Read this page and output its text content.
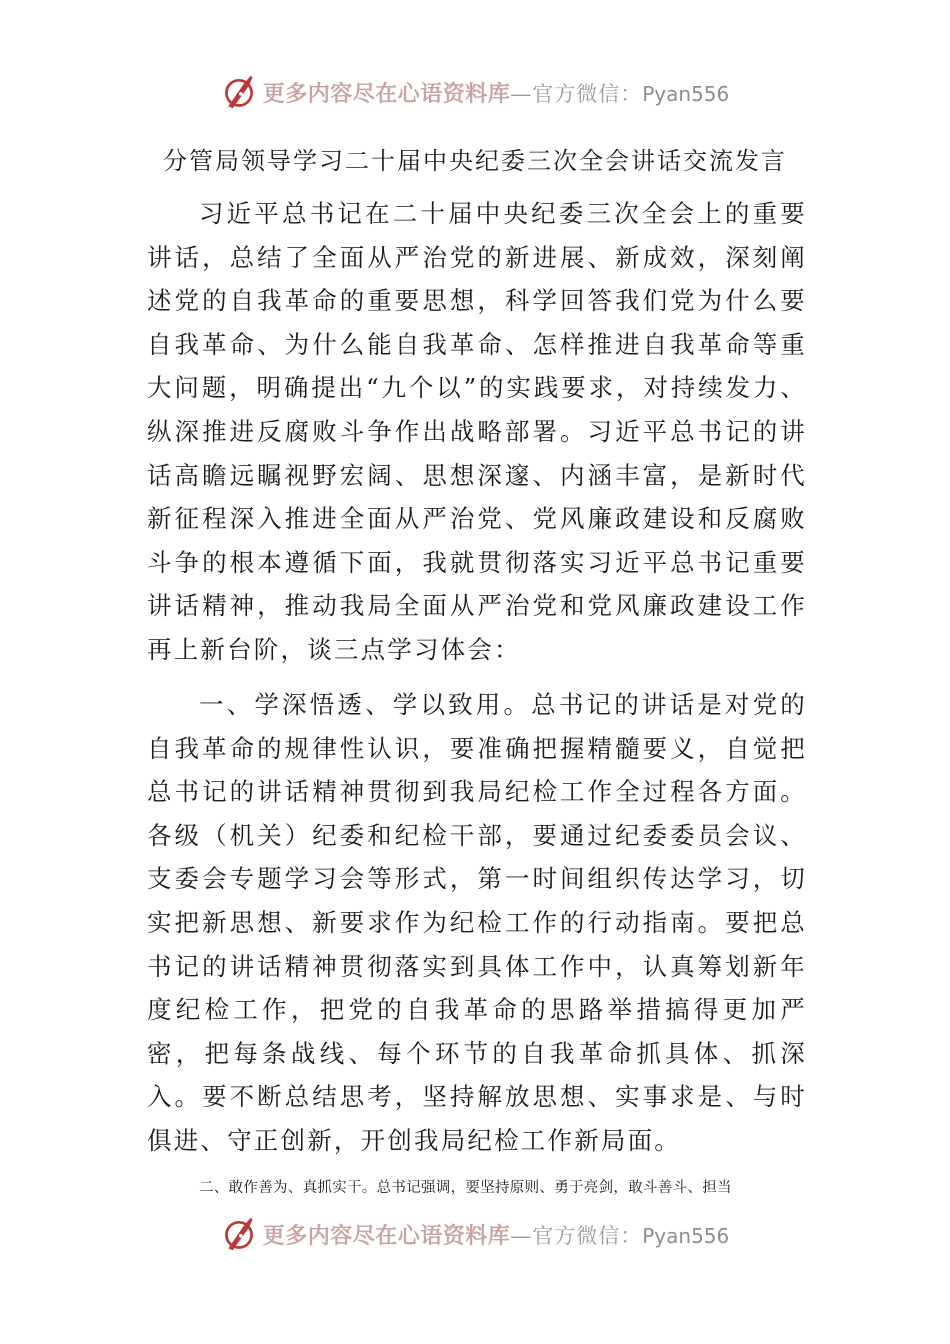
更多内容尽在心语资料库 —官方微信： Pyan556
分管局领导学习二十届中央纪委三次全会讲话交流发言

习近平总书记在二十届中央纪委三次全会上的重要讲话，总结了全面从严治党的新进展、新成效，深刻阐述党的自我革命的重要思想，科学回答我们党为什么要自我革命、为什么能自我革命、怎样推进自我革命等重大问题，明确提出“九个以”的实践要求，对持续发力、纵深推进反腐败斗争作出战略部署。习近平总书记的讲话高瞻远瞩视野宏阔、思想深邃、内涵丰富，是新时代新征程深入推进全面从严治党、党风廉政建设和反腐败斗争的根本遵循下面，我就贯彻落实习近平总书记重要讲话精神，推动我局全面从严治党和党风廉政建设工作再上新台阶，谈三点学习体会：

一、学深悟透、学以致用。总书记的讲话是对党的自我革命的规律性认识，要准确把握精髓要义，自觉把总书记的讲话精神贯彻到我局纪检工作全过程各方面。各级（机关）纪委和纪检干部，要通过纪委委员会议、支委会专题学习会等形式，第一时间组织传达学习，切实把新思想、新要求作为纪检工作的行动指南。要把总书记的讲话精神贯彻落实到具体工作中，认真筹划新年度纪检工作，把党的自我革命的思路举措搞得更加严密，把每条战线、每个环节的自我革命抓具体、抓深入。要不断总结思考，坚持解放思想、实事求是、与时俱进、守正创新，开创我局纪检工作新局面。

二、敢作善为、真抓实干。总书记强调，要坚持原则、勇于亮剑，敢斗善斗、担当

更多内容尽在心语资料库 —官方微信： Pyan556
